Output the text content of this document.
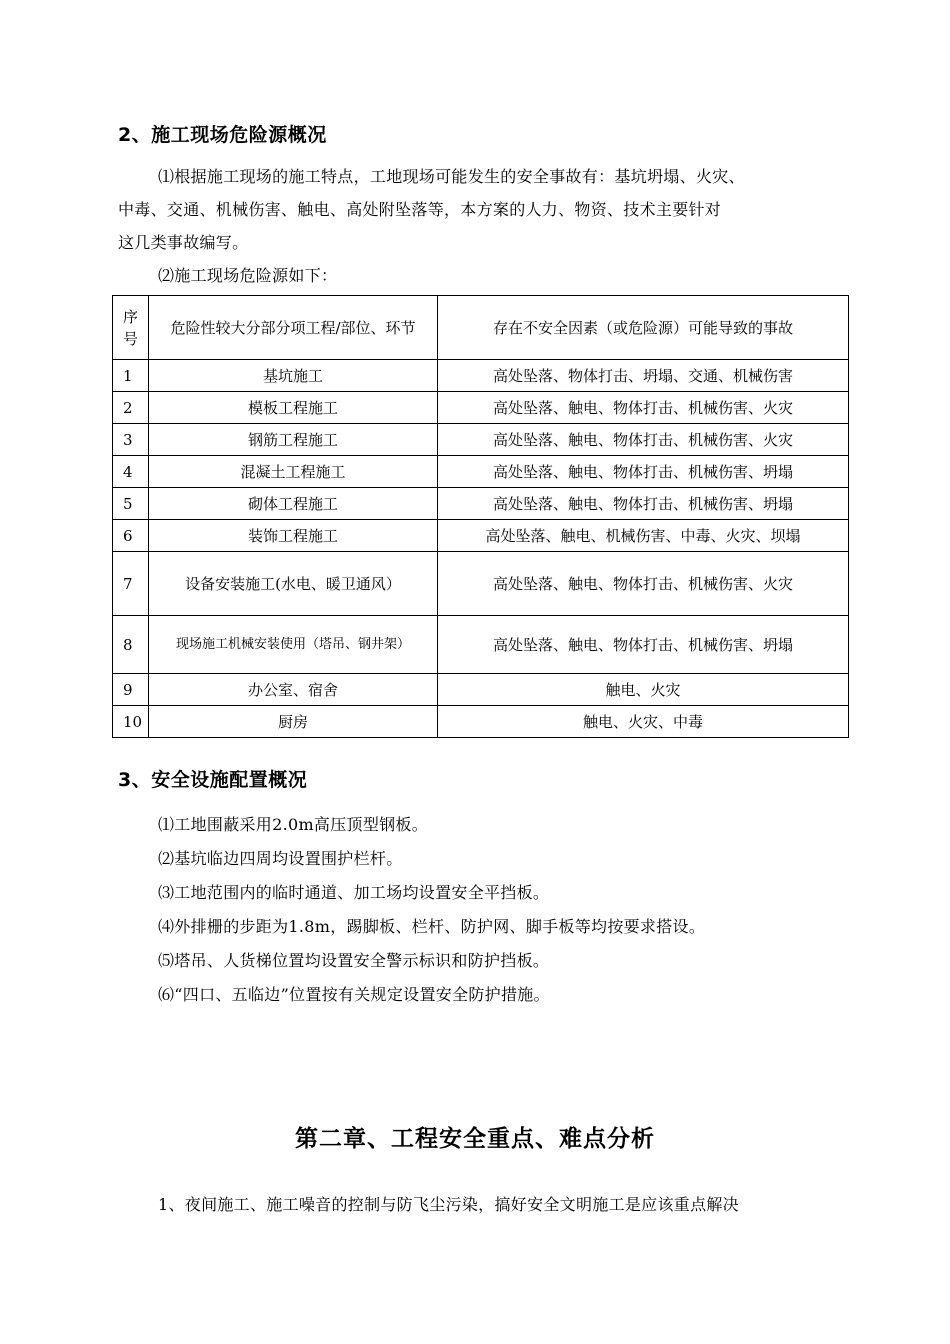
2、施工现场危险源概况
⑴根据施工现场的施工特点，工地现场可能发生的安全事故有：基坑坍塌、火灾、
中毒、交通、机械伤害、触电、高处附坠落等，本方案的人力、物资、技术主要针对
这几类事故编写。
⑵施工现场危险源如下：
序号	危险性较大分部分项工程/部位、环节	存在不安全因素（或危险源）可能导致的事故
1	基坑施工	高处坠落、物体打击、坍塌、交通、机械伤害
2	模板工程施工	高处坠落、触电、物体打击、机械伤害、火灾
3	钢筋工程施工	高处坠落、触电、物体打击、机械伤害、火灾
4	混凝土工程施工	高处坠落、触电、物体打击、机械伤害、坍塌
5	砌体工程施工	高处坠落、触电、物体打击、机械伤害、坍塌
6	装饰工程施工	高处坠落、触电、机械伤害、中毒、火灾、坝塌
7	设备安装施工(水电、暖卫通风）	高处坠落、触电、物体打击、机械伤害、火灾
8	现场施工机械安装使用（塔吊、钢井架）	高处坠落、触电、物体打击、机械伤害、坍塌
9	办公室、宿舍	触电、火灾
10	厨房	触电、火灾、中毒
3、安全设施配置概况
⑴工地围蔽采用2.0m高压顶型钢板。
⑵基坑临边四周均设置围护栏杆。
⑶工地范围内的临时通道、加工场均设置安全平挡板。
⑷外排栅的步距为1.8m，踢脚板、栏杆、防护网、脚手板等均按要求搭设。
⑸塔吊、人货梯位置均设置安全警示标识和防护挡板。
⑹“四口、五临边”位置按有关规定设置安全防护措施。
第二章、工程安全重点、难点分析
1、夜间施工、施工噪音的控制与防飞尘污染，搞好安全文明施工是应该重点解决
